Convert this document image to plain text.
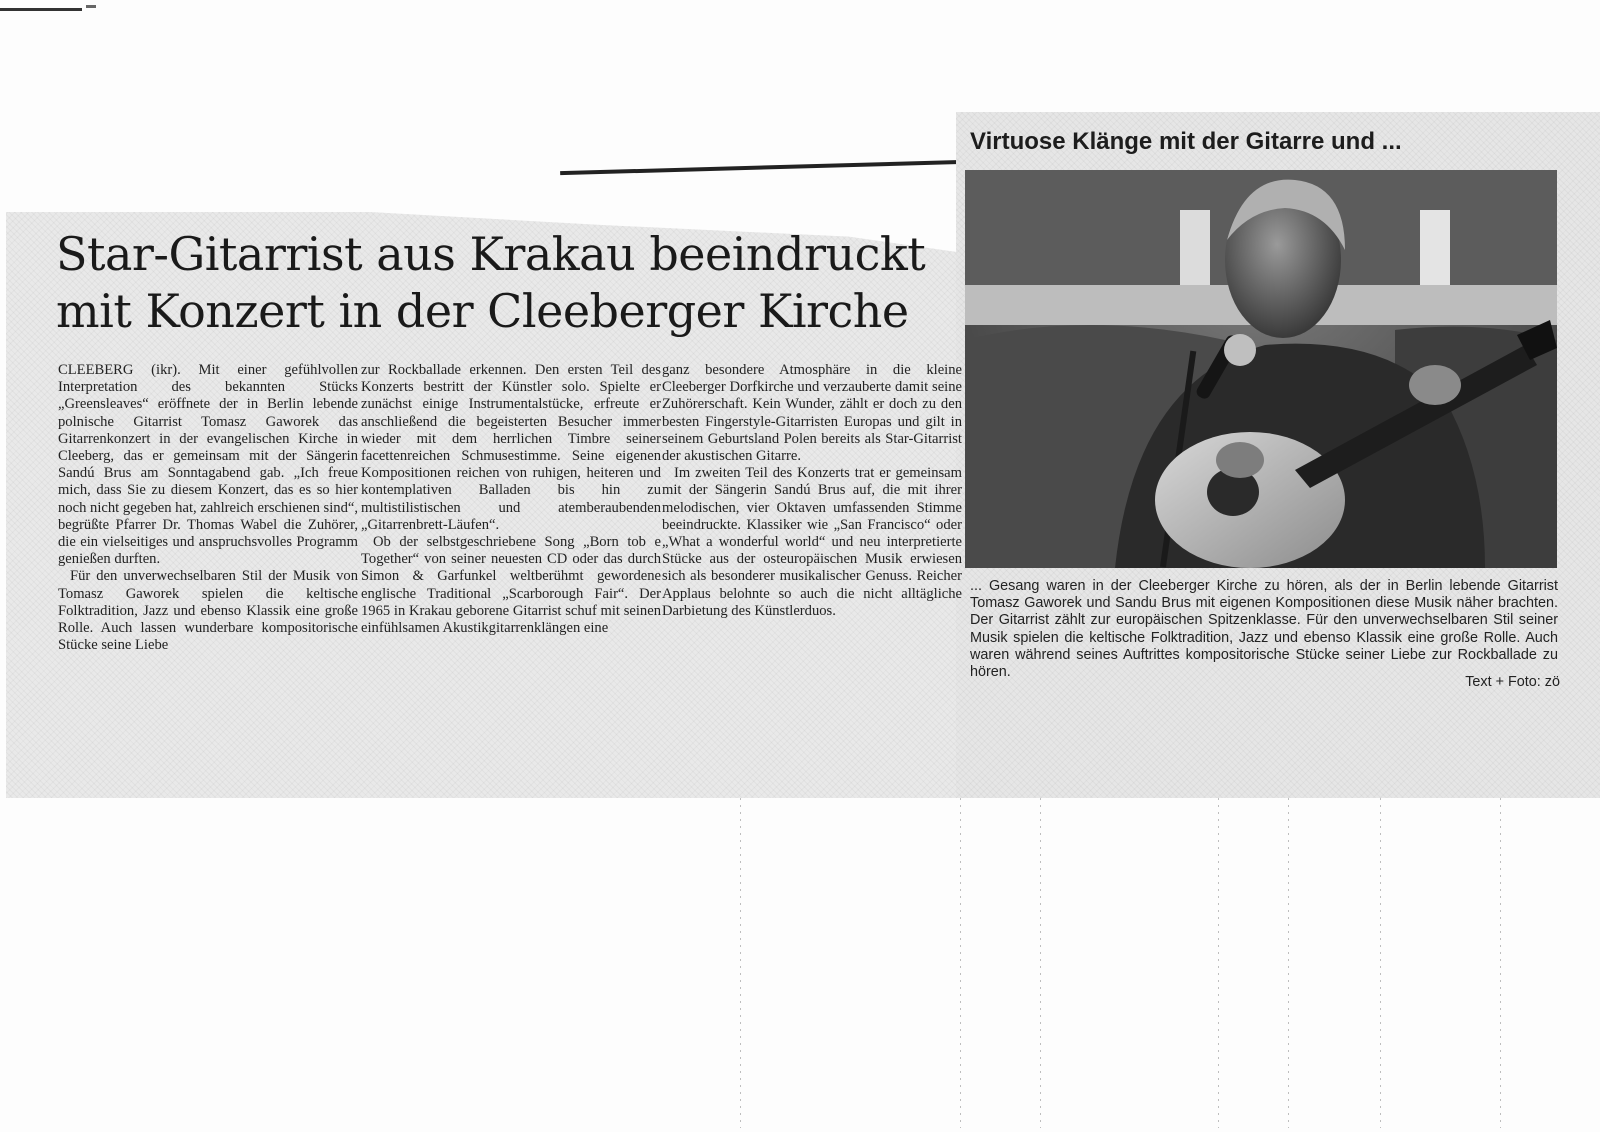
Star-Gitarrist aus Krakau beeindruckt
mit Konzert in der Cleeberger Kirche

CLEEBERG (ikr). Mit einer gefühlvollen Interpretation des bekannten Stücks „Greensleaves“ eröffnete der in Berlin lebende polnische Gitarrist Tomasz Gaworek das Gitarrenkonzert in der evangelischen Kirche in Cleeberg, das er gemeinsam mit der Sängerin Sandú Brus am Sonntagabend gab. „Ich freue mich, dass Sie zu diesem Konzert, das es so hier noch nicht gegeben hat, zahlreich erschienen sind“, begrüßte Pfarrer Dr. Thomas Wabel die Zuhörer, die ein vielseitiges und anspruchsvolles Programm genießen durften.

Für den unverwechselbaren Stil der Musik von Tomasz Gaworek spielen die keltische Folktradition, Jazz und ebenso Klassik eine große Rolle. Auch lassen wunderbare kompositorische Stücke seine Liebe

zur Rockballade erkennen. Den ersten Teil des Konzerts bestritt der Künstler solo. Spielte er zunächst einige Instrumentalstücke, erfreute er anschließend die begeisterten Besucher immer wieder mit dem herrlichen Timbre seiner facettenreichen Schmusestimme. Seine eigenen Kompositionen reichen von ruhigen, heiteren und kontemplativen Balladen bis hin zu multistilistischen und atemberaubenden „Gitarrenbrett-Läufen“.

Ob der selbstgeschriebene Song „Born tob e Together“ von seiner neuesten CD oder das durch Simon & Garfunkel weltberühmt gewordene englische Traditional „Scarborough Fair“. Der 1965 in Krakau geborene Gitarrist schuf mit seinen einfühlsamen Akustikgitarrenklängen eine

ganz besondere Atmosphäre in die kleine Cleeberger Dorfkirche und verzauberte damit seine Zuhörerschaft. Kein Wunder, zählt er doch zu den besten Fingerstyle-Gitarristen Europas und gilt in seinem Geburtsland Polen bereits als Star-Gitarrist der akustischen Gitarre.

Im zweiten Teil des Konzerts trat er gemeinsam mit der Sängerin Sandú Brus auf, die mit ihrer melodischen, vier Oktaven umfassenden Stimme beeindruckte. Klassiker wie „San Francisco“ oder „What a wonderful world“ und neu interpretierte Stücke aus der osteuropäischen Musik erwiesen sich als besonderer musikalischer Genuss. Reicher Applaus belohnte so auch die nicht alltägliche Darbietung des Künstlerduos.

Virtuose Klänge mit der Gitarre und ...

... Gesang waren in der Cleeberger Kirche zu hören, als der in Berlin lebende Gitarrist Tomasz Gaworek und Sandu Brus mit eigenen Kompositionen diese Musik näher brachten. Der Gitarrist zählt zur europäischen Spitzenklasse. Für den unverwechselbaren Stil seiner Musik spielen die keltische Folktradition, Jazz und ebenso Klassik eine große Rolle. Auch waren während seines Auftrittes kompositorische Stücke seiner Liebe zur Rockballade zu hören.

Text + Foto: zö
